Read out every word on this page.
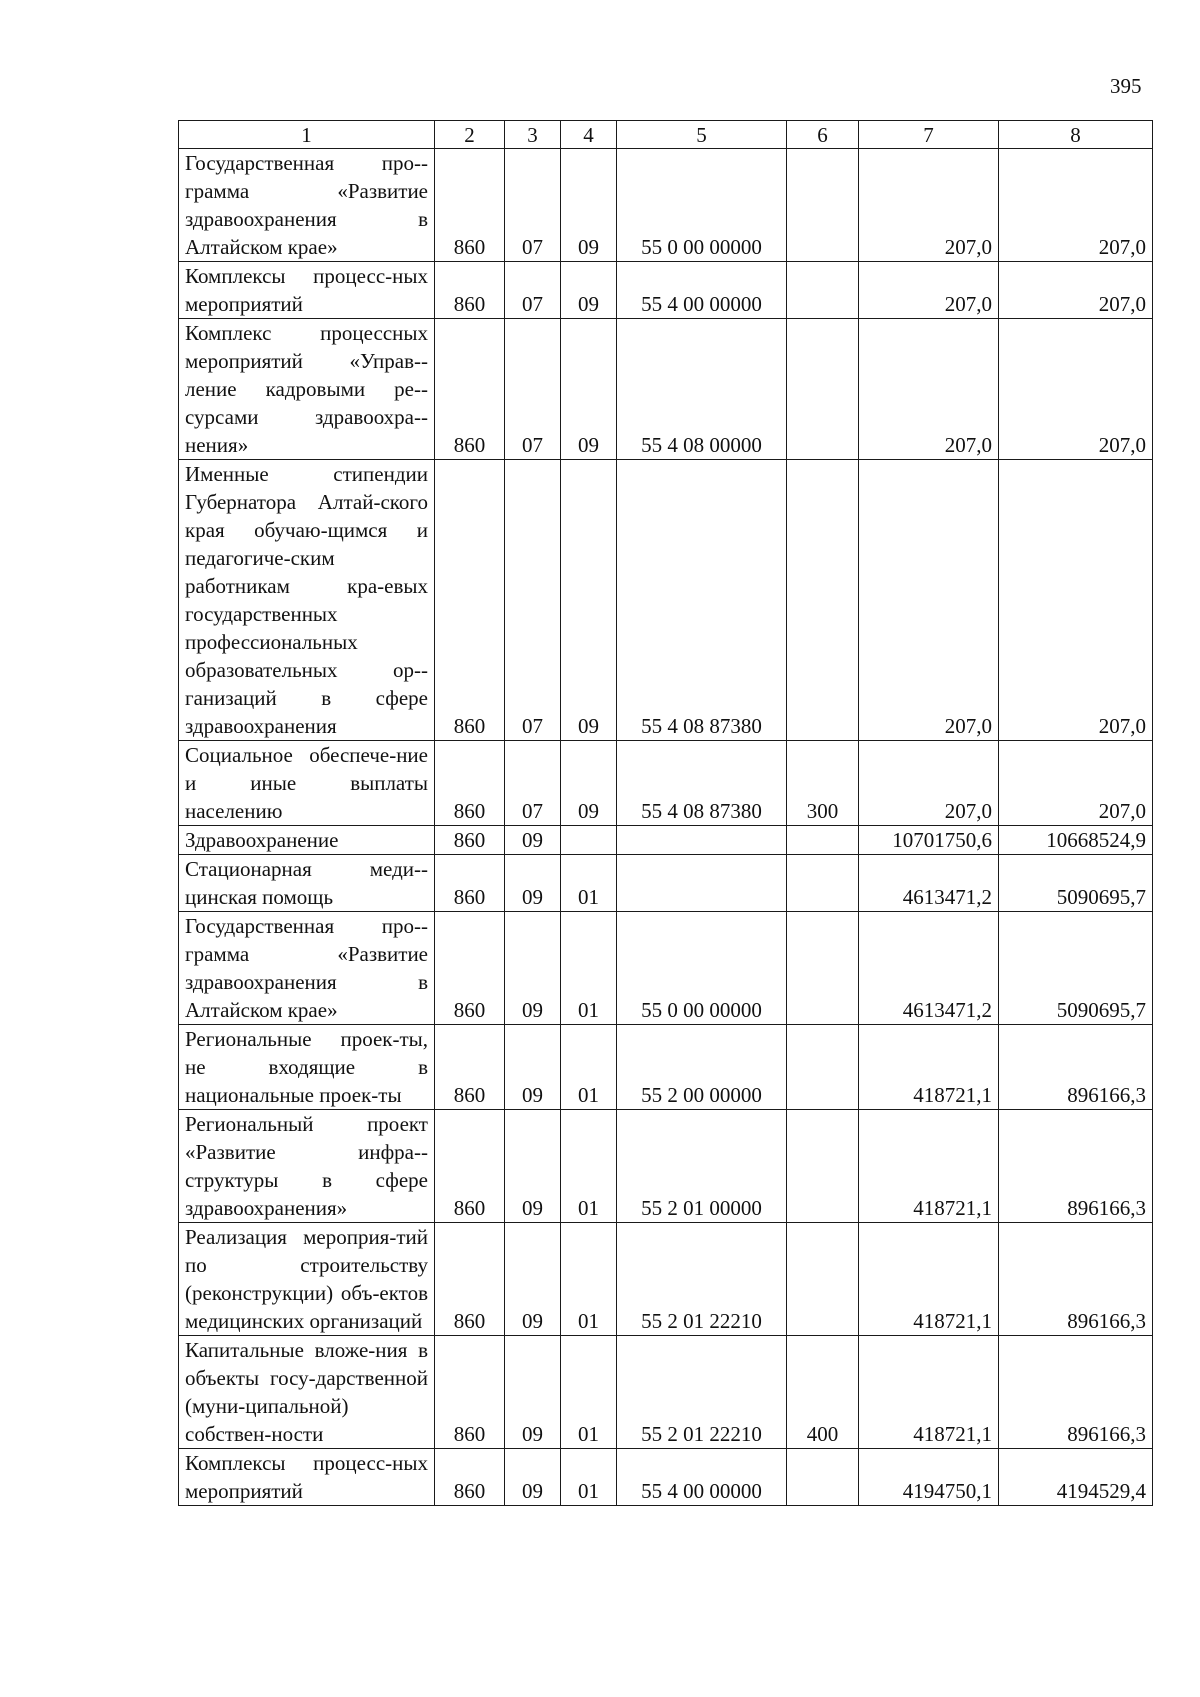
395
1	2	3	4	5	6	7	8
Государственная про-грамма «Развитие здравоохранения в Алтайском крае»	860	07	09	55 0 00 00000		207,0	207,0
Комплексы процесс-ных мероприятий	860	07	09	55 4 00 00000		207,0	207,0
Комплекс процессных мероприятий «Управ-ление кадровыми ре-сурсами здравоохра-нения»	860	07	09	55 4 08 00000		207,0	207,0
Именные стипендии Губернатора Алтай-ского края обучаю-щимся и педагогиче-ским работникам кра-евых государственных профессиональных образовательных ор-ганизаций в сфере здравоохранения	860	07	09	55 4 08 87380		207,0	207,0
Социальное обеспече-ние и иные выплаты населению	860	07	09	55 4 08 87380	300	207,0	207,0
Здравоохранение	860	09				10701750,6	10668524,9
Стационарная меди-цинская помощь	860	09	01			4613471,2	5090695,7
Государственная про-грамма «Развитие здравоохранения в Алтайском крае»	860	09	01	55 0 00 00000		4613471,2	5090695,7
Региональные проек-ты, не входящие в национальные проек-ты	860	09	01	55 2 00 00000		418721,1	896166,3
Региональный проект «Развитие инфра-структуры в сфере здравоохранения»	860	09	01	55 2 01 00000		418721,1	896166,3
Реализация мероприя-тий по строительству (реконструкции) объ-ектов медицинских организаций	860	09	01	55 2 01 22210		418721,1	896166,3
Капитальные вложе-ния в объекты госу-дарственной (муни-ципальной) собствен-ности	860	09	01	55 2 01 22210	400	418721,1	896166,3
Комплексы процесс-ных мероприятий	860	09	01	55 4 00 00000		4194750,1	4194529,4
